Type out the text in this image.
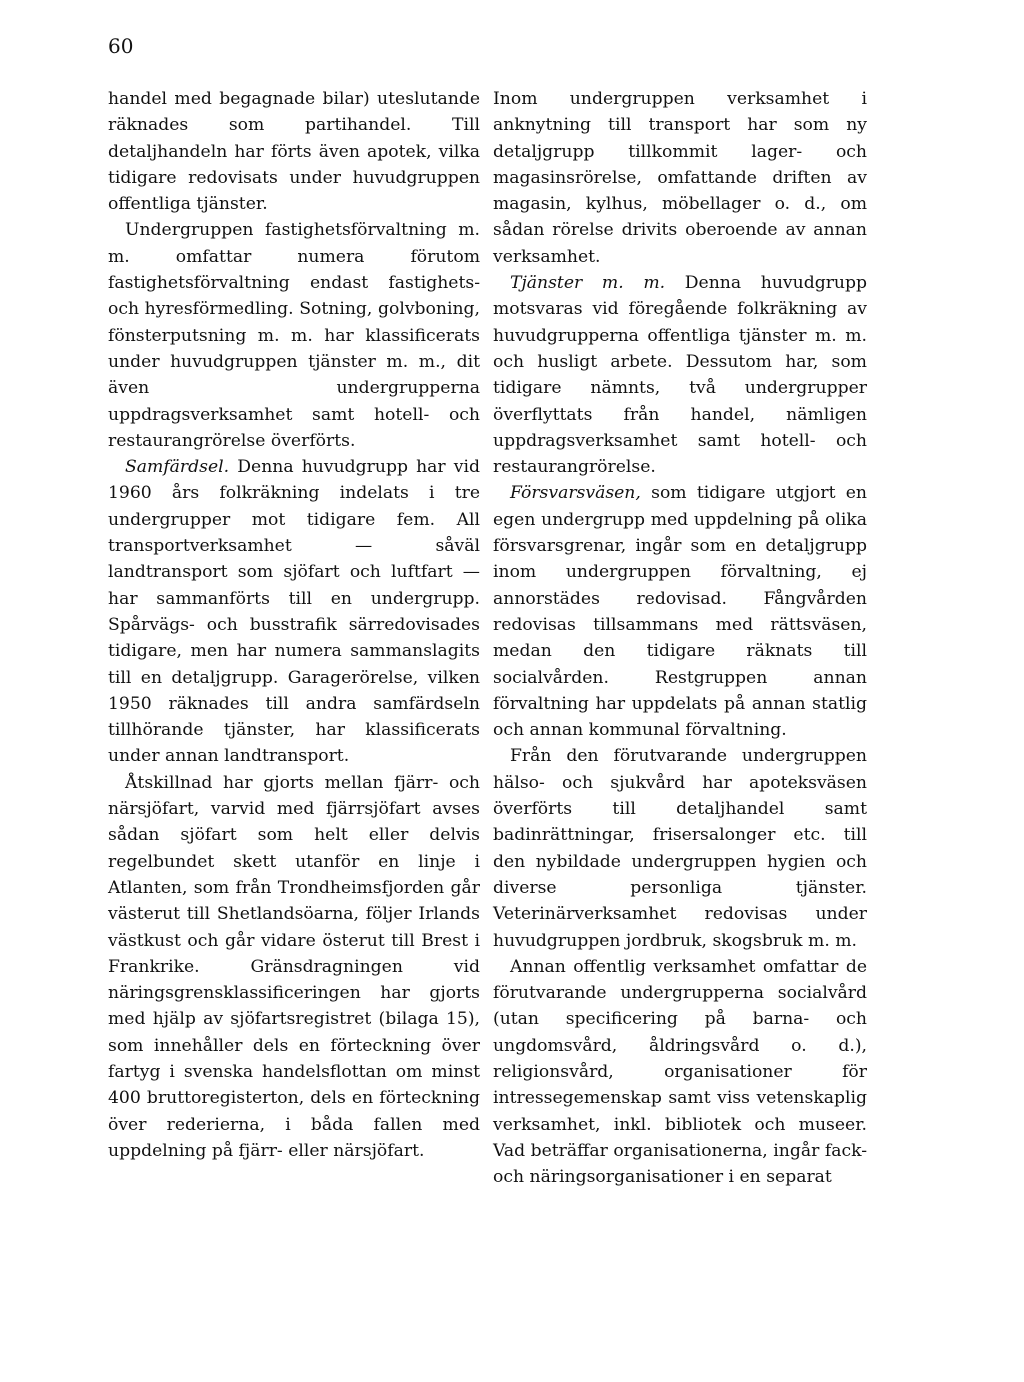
60

handel med begagnade bilar) uteslutande räknades som partihandel. Till detaljhandeln har förts även apotek, vilka tidigare redovisats under huvudgruppen offentliga tjänster.

Undergruppen fastighetsförvaltning m. m. omfattar numera förutom fastighetsförvaltning endast fastighets- och hyresförmedling. Sotning, golvboning, fönsterputsning m. m. har klassificerats under huvudgruppen tjänster m. m., dit även undergrupperna uppdragsverksamhet samt hotell- och restaurangrörelse överförts.

Samfärdsel. Denna huvudgrupp har vid 1960 års folkräkning indelats i tre undergrupper mot tidigare fem. All transportverksamhet — såväl landtransport som sjöfart och luftfart — har sammanförts till en undergrupp. Spårvägs- och busstrafik särredovisades tidigare, men har numera sammanslagits till en detaljgrupp. Garagerörelse, vilken 1950 räknades till andra samfärdseln tillhörande tjänster, har klassificerats under annan landtransport.

Åtskillnad har gjorts mellan fjärr- och närsjöfart, varvid med fjärrsjöfart avses sådan sjöfart som helt eller delvis regelbundet skett utanför en linje i Atlanten, som från Trondheimsfjorden går västerut till Shetlandsöarna, följer Irlands västkust och går vidare österut till Brest i Frankrike. Gränsdragningen vid näringsgrensklassificeringen har gjorts med hjälp av sjöfartsregistret (bilaga 15), som innehåller dels en förteckning över fartyg i svenska handelsflottan om minst 400 bruttoregisterton, dels en förteckning över rederierna, i båda fallen med uppdelning på fjärr- eller närsjöfart.

Inom undergruppen verksamhet i anknytning till transport har som ny detaljgrupp tillkommit lager- och magasinsrörelse, omfattande driften av magasin, kylhus, möbellager o. d., om sådan rörelse drivits oberoende av annan verksamhet.

Tjänster m. m. Denna huvudgrupp motsvaras vid föregående folkräkning av huvudgrupperna offentliga tjänster m. m. och husligt arbete. Dessutom har, som tidigare nämnts, två undergrupper överflyttats från handel, nämligen uppdragsverksamhet samt hotell- och restaurangrörelse.

Försvarsväsen, som tidigare utgjort en egen undergrupp med uppdelning på olika försvarsgrenar, ingår som en detaljgrupp inom undergruppen förvaltning, ej annorstädes redovisad. Fångvården redovisas tillsammans med rättsväsen, medan den tidigare räknats till socialvården. Restgruppen annan förvaltning har uppdelats på annan statlig och annan kommunal förvaltning.

Från den förutvarande undergruppen hälso- och sjukvård har apoteksväsen överförts till detaljhandel samt badinrättningar, frisersalonger etc. till den nybildade undergruppen hygien och diverse personliga tjänster. Veterinärverksamhet redovisas under huvudgruppen jordbruk, skogsbruk m. m.

Annan offentlig verksamhet omfattar de förutvarande undergrupperna socialvård (utan specificering på barna- och ungdomsvård, åldringsvård o. d.), religionsvård, organisationer för intressegemenskap samt viss vetenskaplig verksamhet, inkl. bibliotek och museer. Vad beträffar organisationerna, ingår fack- och näringsorganisationer i en separat
